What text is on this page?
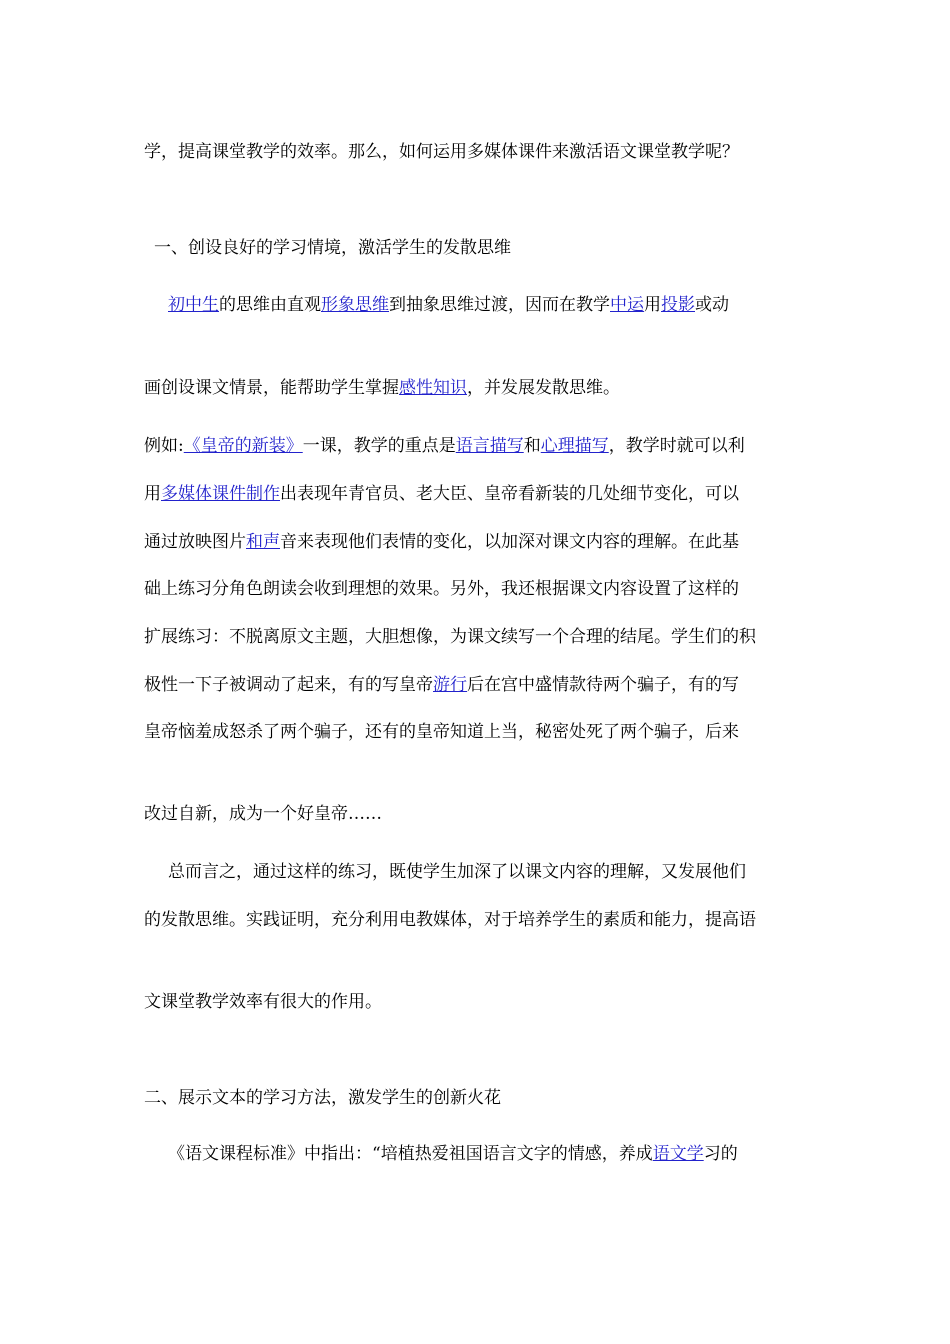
学，提高课堂教学的效率。那么，如何运用多媒体课件来激活语文课堂教学呢？
一、创设良好的学习情境，激活学生的发散思维
初中生的思维由直观形象思维到抽象思维过渡，因而在教学中运用投影或动
画创设课文情景，能帮助学生掌握感性知识，并发展发散思维。
例如:《皇帝的新装》一课，教学的重点是语言描写和心理描写，教学时就可以利
用多媒体课件制作出表现年青官员、老大臣、皇帝看新装的几处细节变化，可以
通过放映图片和声音来表现他们表情的变化，以加深对课文内容的理解。在此基
础上练习分角色朗读会收到理想的效果。另外，我还根据课文内容设置了这样的
扩展练习：不脱离原文主题，大胆想像，为课文续写一个合理的结尾。学生们的积
极性一下子被调动了起来，有的写皇帝游行后在宫中盛情款待两个骗子，有的写
皇帝恼羞成怒杀了两个骗子，还有的皇帝知道上当，秘密处死了两个骗子，后来
改过自新，成为一个好皇帝……
总而言之，通过这样的练习，既使学生加深了以课文内容的理解，又发展他们
的发散思维。实践证明，充分利用电教媒体，对于培养学生的素质和能力，提高语
文课堂教学效率有很大的作用。
二、展示文本的学习方法，激发学生的创新火花
《语文课程标准》中指出：“培植热爱祖国语言文字的情感，养成语文学习的
